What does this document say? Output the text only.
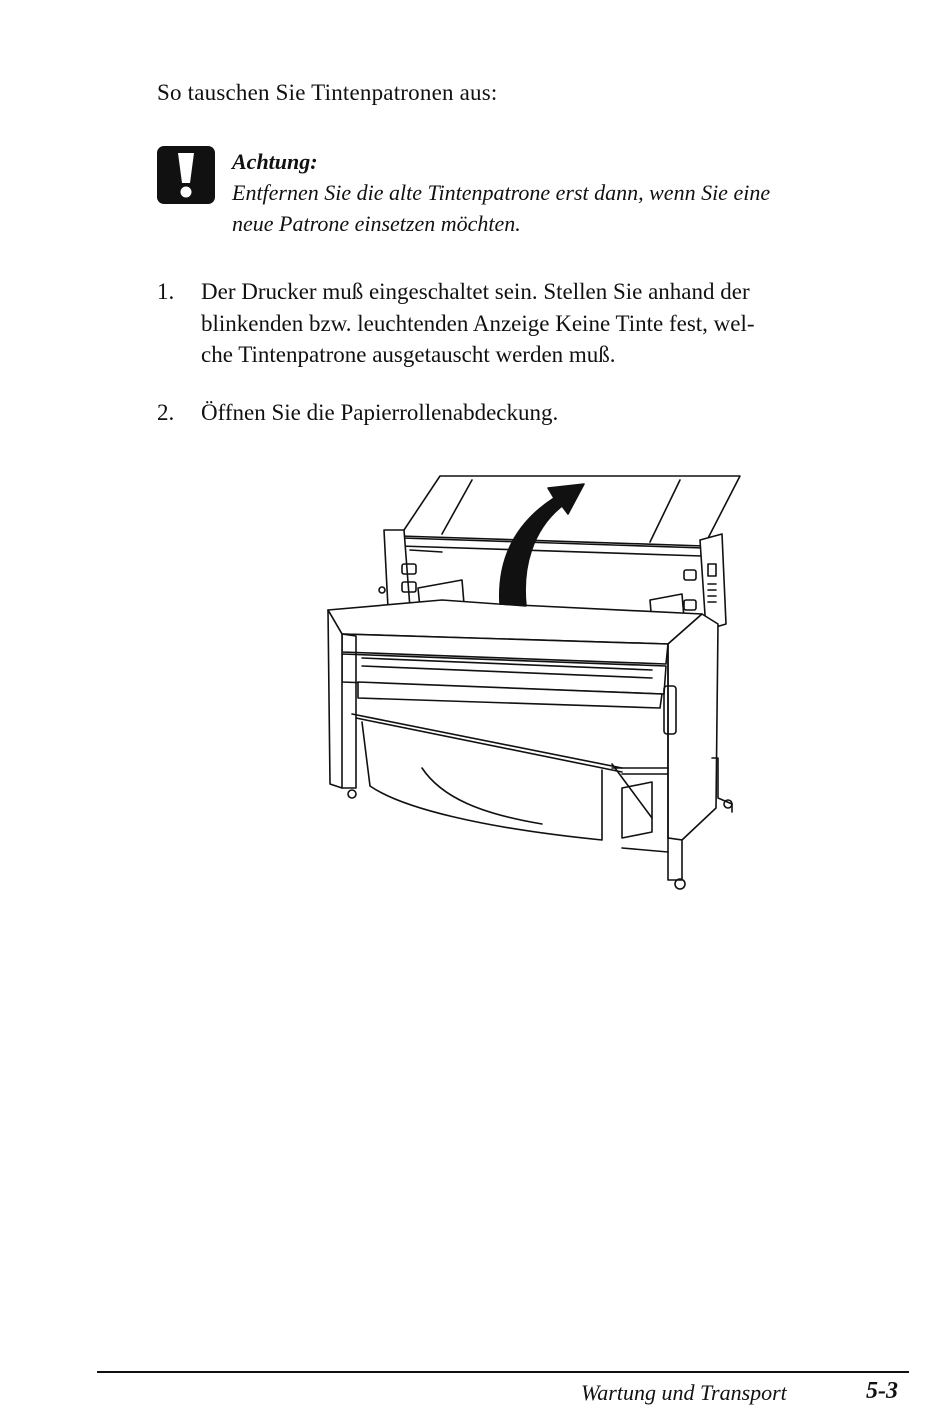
So tauschen Sie Tintenpatronen aus:
Achtung:
Entfernen Sie die alte Tintenpatrone erst dann, wenn Sie eine
neue Patrone einsetzen möchten.
1. Der Drucker muß eingeschaltet sein. Stellen Sie anhand der
blinkenden bzw. leuchtenden Anzeige Keine Tinte fest, wel-
che Tintenpatrone ausgetauscht werden muß.
2. Öffnen Sie die Papierrollenabdeckung.
Wartung und Transport	5-3
